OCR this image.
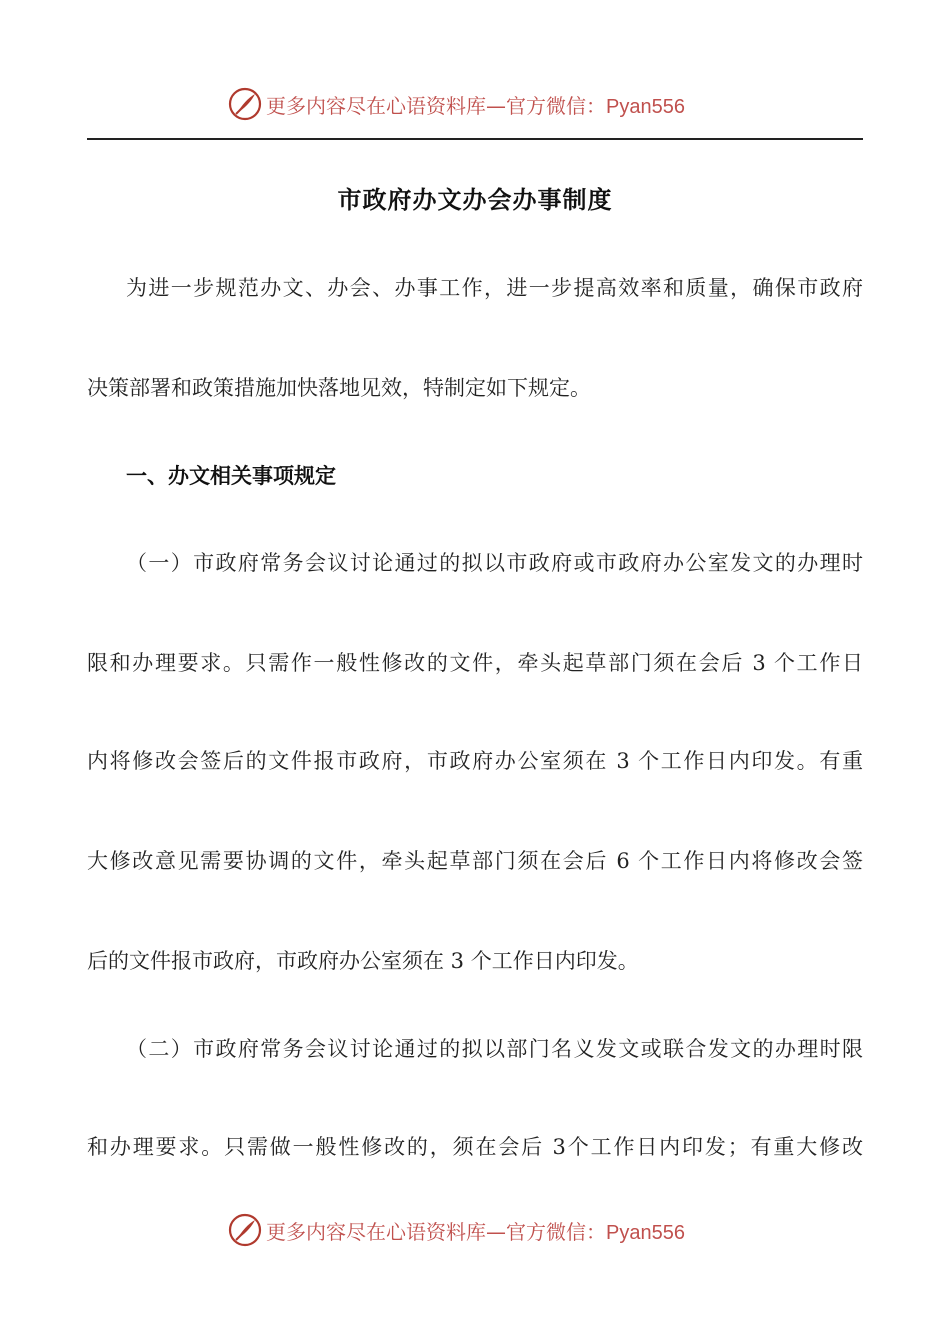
更多内容尽在心语资料库—官方微信：Pyan556
市政府办文办会办事制度
为进一步规范办文、办会、办事工作，进一步提高效率和质量，确保市政府
决策部署和政策措施加快落地见效，特制定如下规定。
一、办文相关事项规定
（一）市政府常务会议讨论通过的拟以市政府或市政府办公室发文的办理时
限和办理要求。只需作一般性修改的文件，牵头起草部门须在会后 3 个工作日
内将修改会签后的文件报市政府，市政府办公室须在 3 个工作日内印发。有重
大修改意见需要协调的文件，牵头起草部门须在会后 6 个工作日内将修改会签
后的文件报市政府，市政府办公室须在 3 个工作日内印发。
（二）市政府常务会议讨论通过的拟以部门名义发文或联合发文的办理时限
和办理要求。只需做一般性修改的，须在会后 3个工作日内印发；有重大修改
更多内容尽在心语资料库—官方微信：Pyan556
